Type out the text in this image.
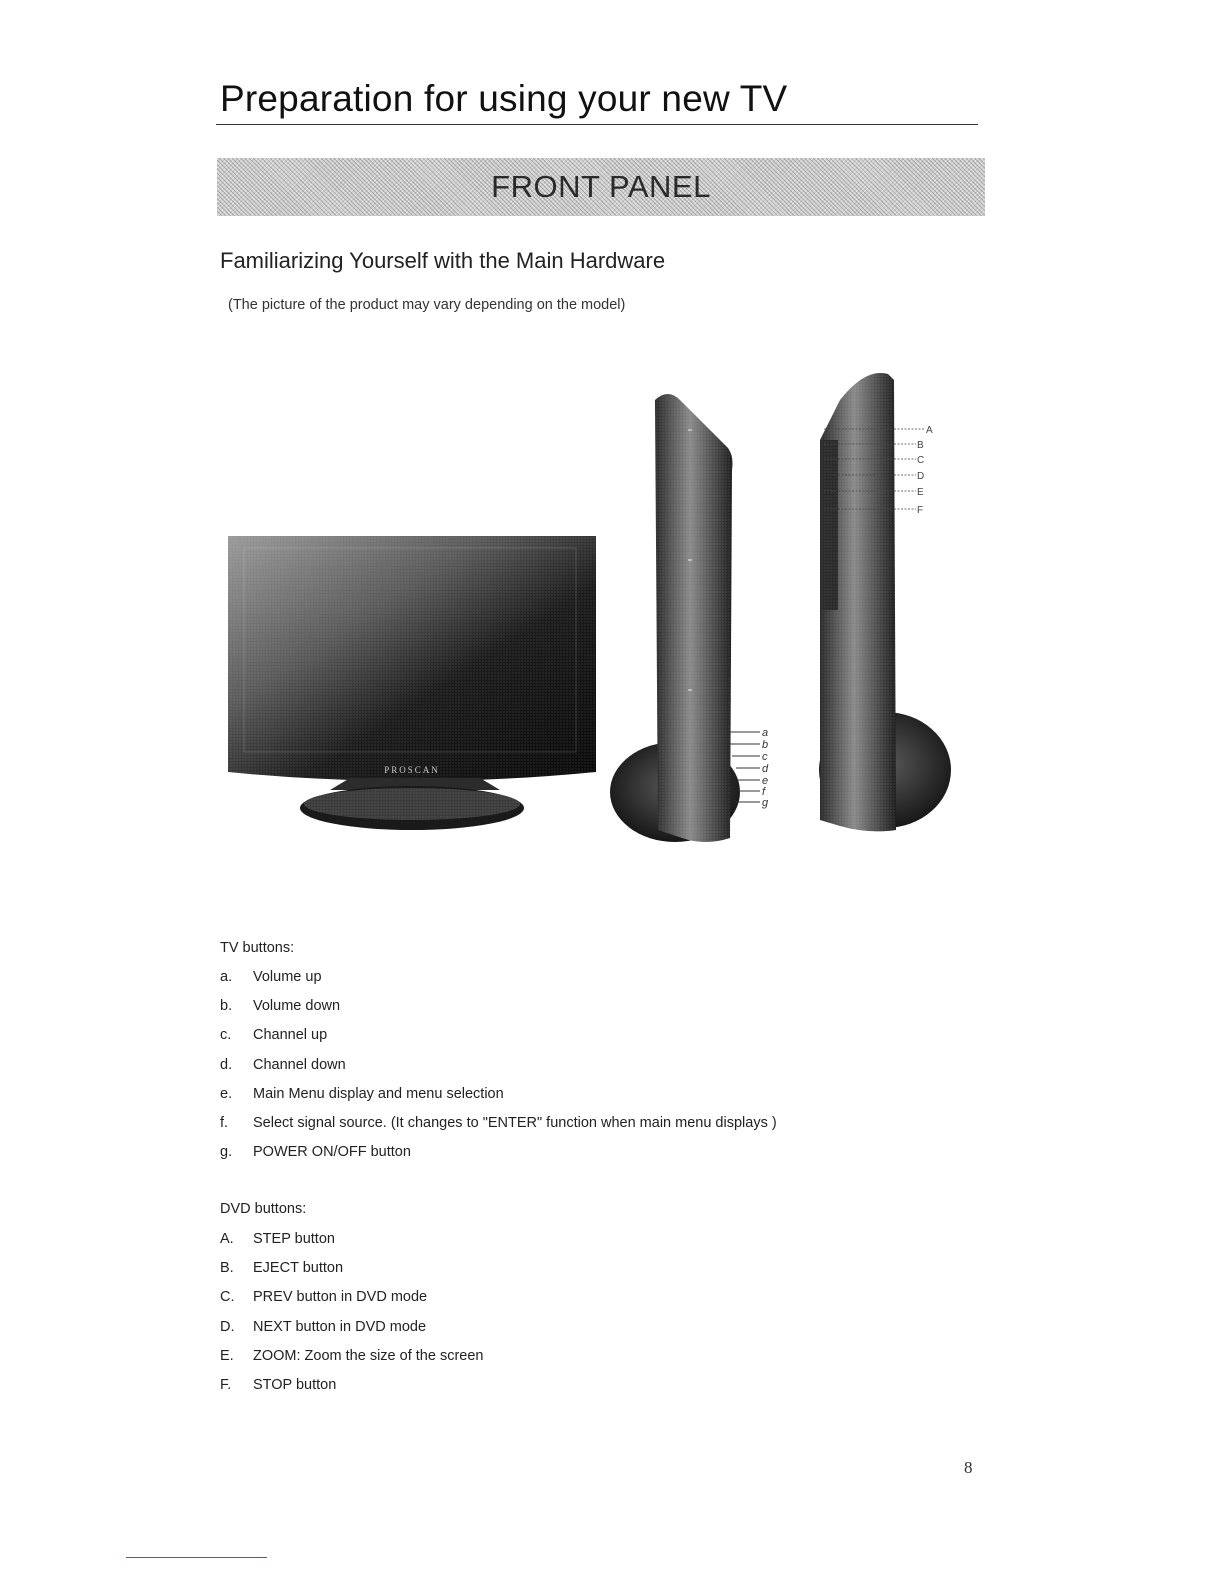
Preparation for using your new TV
FRONT PANEL
Familiarizing Yourself with the Main Hardware
(The picture of the product may vary depending on the model)
PROSCAN
a
b
c
d
e
f
g
A
B
C
D
E
F
TV buttons:
a.	Volume up
b.	Volume down
c.	Channel up
d.	Channel down
e.	Main Menu display and menu selection
f.	Select signal source. (It changes to "ENTER" function when main menu displays )
g.	POWER ON/OFF button
DVD buttons:
A.	STEP button
B.	EJECT button
C.	PREV button in DVD mode
D.	NEXT button in DVD mode
E.	ZOOM: Zoom the size of the screen
F.	STOP button
8
